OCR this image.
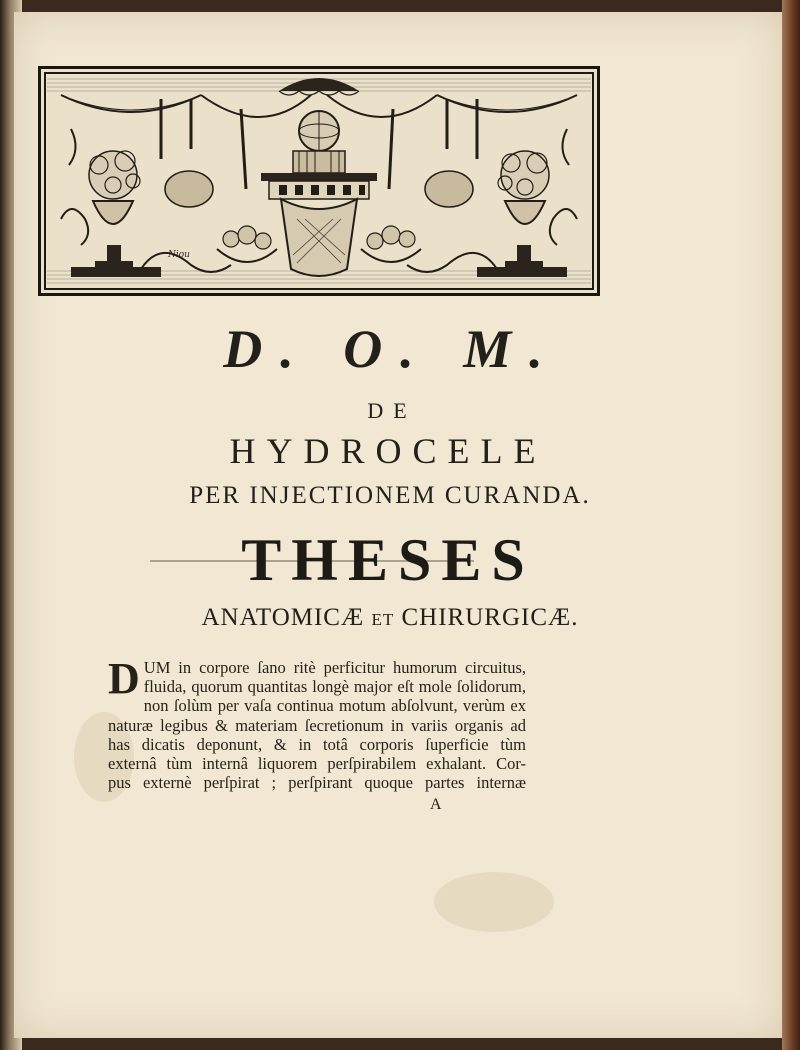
Niou
D. O. M.
DE
HYDROCELE
PER INJECTIONEM CURANDA.
THESES
ANATOMICÆ ET CHIRURGICÆ.
D UM in corpore ſano ritè perficitur humorum circuitus,
fluida, quorum quantitas longè major eſt mole ſolidorum,
non ſolùm per vaſa continua motum abſolvunt, verùm ex
naturæ legibus & materiam ſecretionum in variis organis ad
has dicatis deponunt, & in totâ corporis ſuperficie tùm
externâ tùm internâ liquorem perſpirabilem exhalant. Cor-
pus externè perſpirat ; perſpirant quoque partes internæ
A
